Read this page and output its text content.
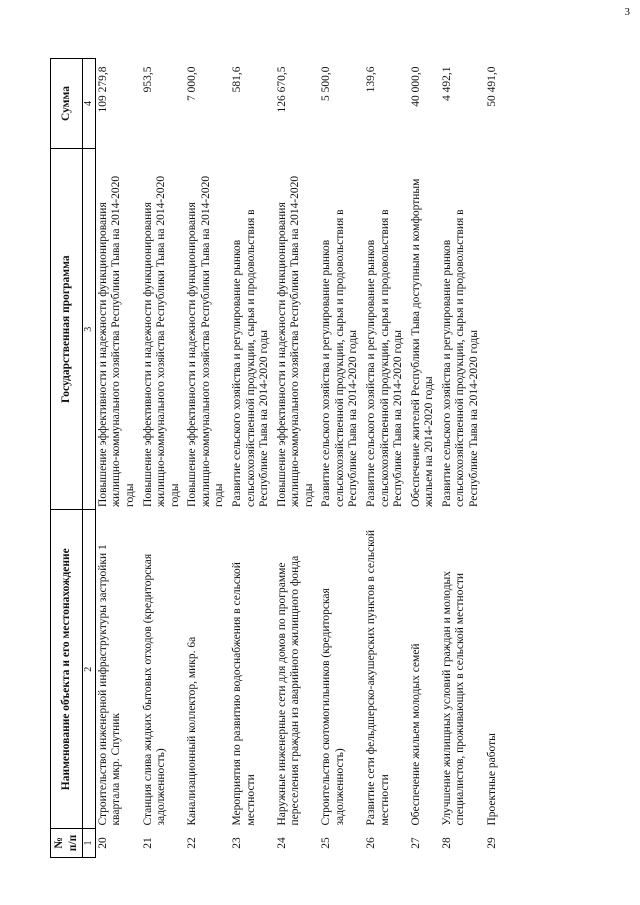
3
№ п/п	Наименование объекта и его местонахождение	Государственная программа	Сумма
1	2	3	4
20	Строительство инженерной инфраструктуры застройки 1 квартала мкр. Спутник	Повышение эффективности и надежности функционирования жилищно-коммунального хозяйства Республики Тыва на 2014-2020 годы	109 279,8
21	Станция слива жидких бытовых отходов (кредиторская задолженность)	Повышение эффективности и надежности функционирования жилищно-коммунального хозяйства Республики Тыва на 2014-2020 годы	953,5
22	Канализационный коллектор, микр. 6а	Повышение эффективности и надежности функционирования жилищно-коммунального хозяйства Республики Тыва на 2014-2020 годы	7 000,0
23	Мероприятия по развитию водоснабжения в сельской местности	Развитие сельского хозяйства и регулирование рынков сельскохозяйственной продукции, сырья и продовольствия в Республике Тыва на 2014-2020 годы	581,6
24	Наружные инженерные сети для домов по программе переселения граждан из аварийного жилищного фонда	Повышение эффективности и надежности функционирования жилищно-коммунального хозяйства Республики Тыва на 2014-2020 годы	126 670,5
25	Строительство скотомогильников (кредиторская задолженность)	Развитие сельского хозяйства и регулирование рынков сельскохозяйственной продукции, сырья и продовольствия в Республике Тыва на 2014-2020 годы	5 500,0
26	Развитие сети фельдшерско-акушерских пунктов в сельской местности	Развитие сельского хозяйства и регулирование рынков сельскохозяйственной продукции, сырья и продовольствия в Республике Тыва на 2014-2020 годы	139,6
27	Обеспечение жильем молодых семей	Обеспечение жителей Республики Тыва доступным и комфортным жильем на 2014-2020 годы	40 000,0
28	Улучшение жилищных условий граждан и молодых специалистов, проживающих в сельской местности	Развитие сельского хозяйства и регулирование рынков сельскохозяйственной продукции, сырья и продовольствия в Республике Тыва на 2014-2020 годы	4 492,1
29	Проектные работы		50 491,0
